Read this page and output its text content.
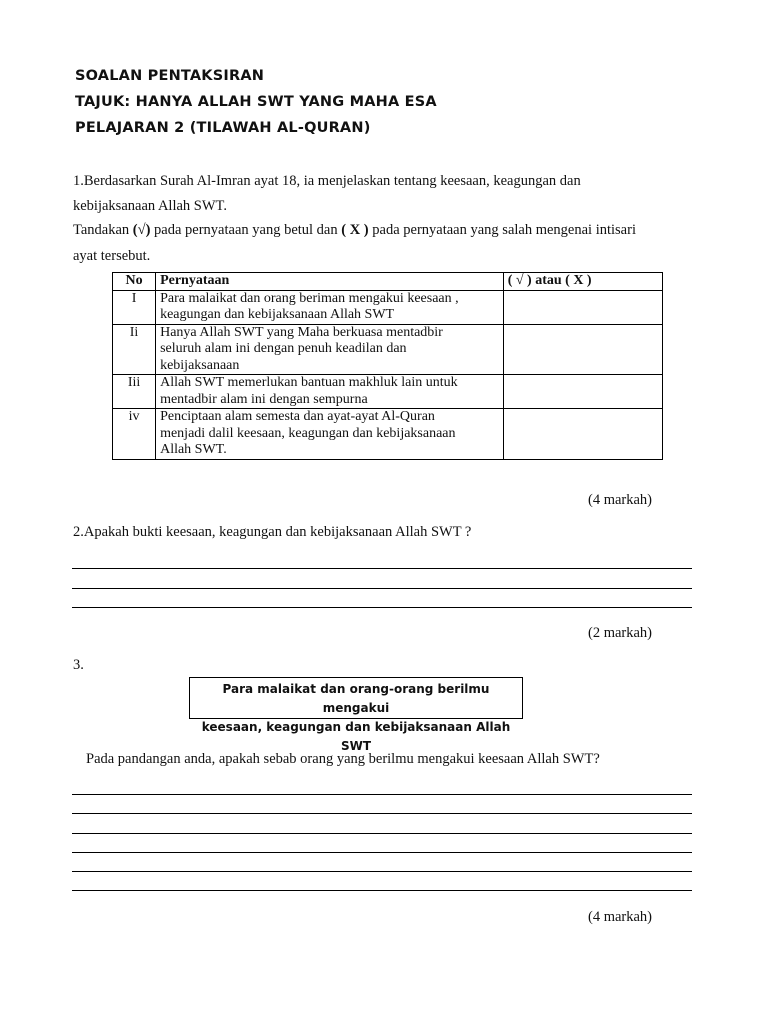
SOALAN PENTAKSIRAN
TAJUK: HANYA ALLAH SWT YANG MAHA ESA
PELAJARAN 2 (TILAWAH AL-QURAN)
1.Berdasarkan Surah Al-Imran ayat 18, ia menjelaskan tentang keesaan, keagungan dan
kebijaksanaan Allah SWT.
Tandakan (√) pada pernyataan yang betul dan ( X ) pada pernyataan yang salah mengenai intisari
ayat tersebut.
No	Pernyataan	( √ ) atau ( X )
I	Para malaikat dan orang beriman mengakui keesaan ,
keagungan dan kebijaksanaan Allah SWT	

Ii	Hanya Allah SWT yang Maha berkuasa mentadbir
seluruh alam ini dengan penuh keadilan dan
kebijaksanaan	

Iii	Allah SWT memerlukan bantuan makhluk lain untuk
mentadbir alam ini dengan sempurna	

iv	Penciptaan alam semesta dan ayat-ayat Al-Quran
menjadi dalil keesaan, keagungan dan kebijaksanaan
Allah SWT.	

(4 markah)
2.Apakah bukti keesaan, keagungan dan kebijaksanaan Allah SWT ?
(2 markah)
3.
Para malaikat dan orang-orang berilmu mengakui
keesaan, keagungan dan kebijaksanaan Allah SWT
Pada pandangan anda, apakah sebab orang yang berilmu mengakui keesaan Allah SWT?
(4 markah)
